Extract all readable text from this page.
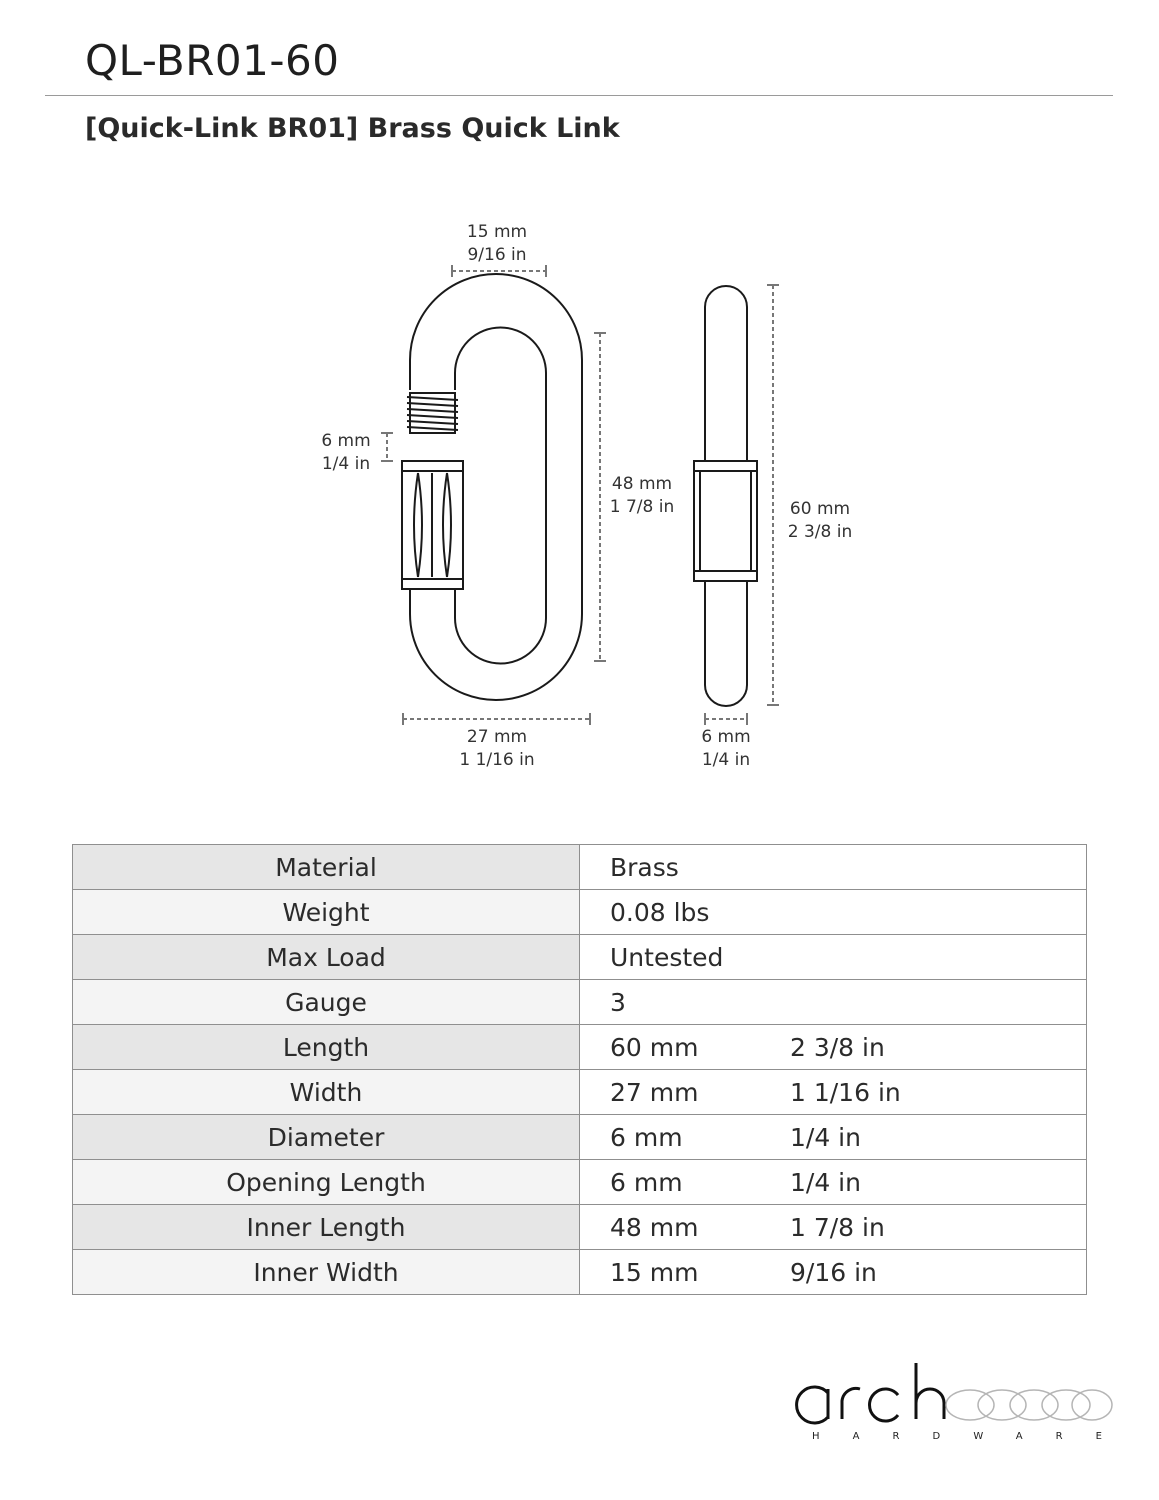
QL-BR01-60
[Quick-Link BR01] Brass Quick Link
15 mm
9/16 in
6 mm
1/4 in
48 mm
1 7/8 in
27 mm
1 1/16 in
60 mm
2 3/8 in
6 mm
1/4 in
Material	Brass
Weight	0.08 lbs
Max Load	Untested
Gauge	3
Length	60 mm 2 3/8 in
Width	27 mm 1 1/16 in
Diameter	6 mm 1/4 in
Opening Length	6 mm 1/4 in
Inner Length	48 mm 1 7/8 in
Inner Width	15 mm 9/16 in
HARDWARE
